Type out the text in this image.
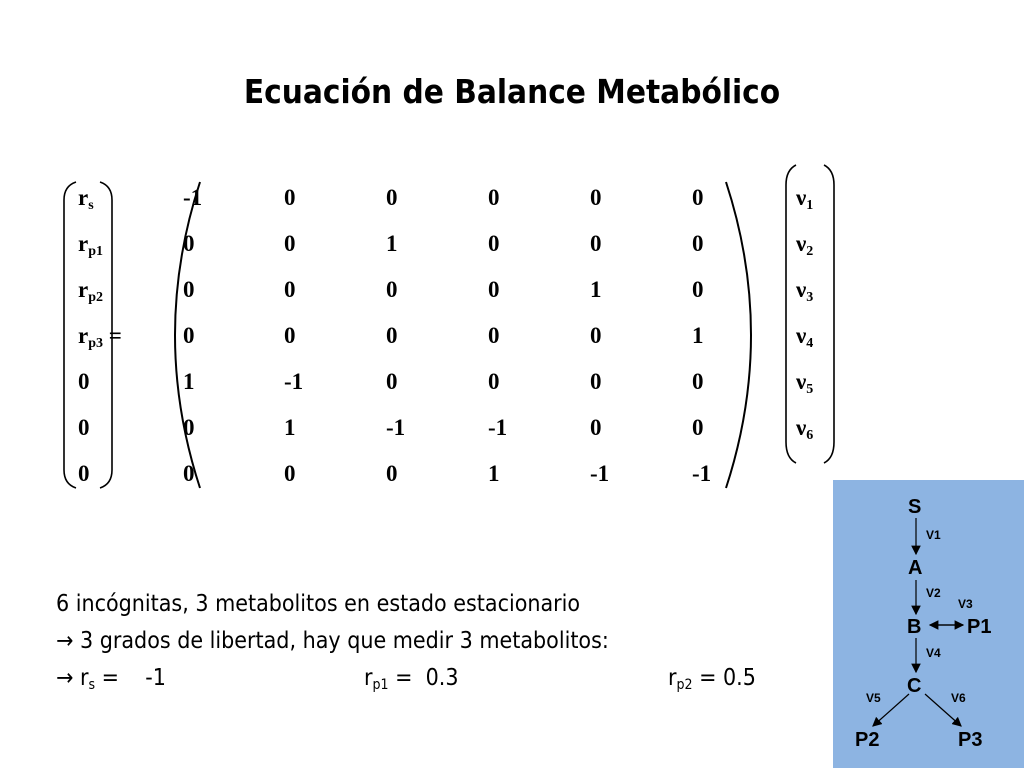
Ecuación de Balance Metabólico
$r_s$
$r_{p1}$
$r_{p2}$
$r_{p3}$ =
0
0
0
-1	0	0	0	0	0
0	0	1	0	0	0
0	0	0	0	1	0
0	0	0	0	0	1
1	-1	0	0	0	0
0	1	-1	-1	0	0
0	0	0	1	-1	-1
$\nu_1$
$\nu_2$
$\nu_3$
$\nu_4$
$\nu_5$
$\nu_6$
6 incógnitas, 3 metabolitos en estado estacionario
→ 3 grados de libertad, hay que medir 3 metabolitos:
→ $r_s$ =    -1	$r_{p1} = 0.3$	$r_{p2} = 0.5$
S
A
B
C
P1
P2	P3
V1
V2
V3
V4
V5	V6
